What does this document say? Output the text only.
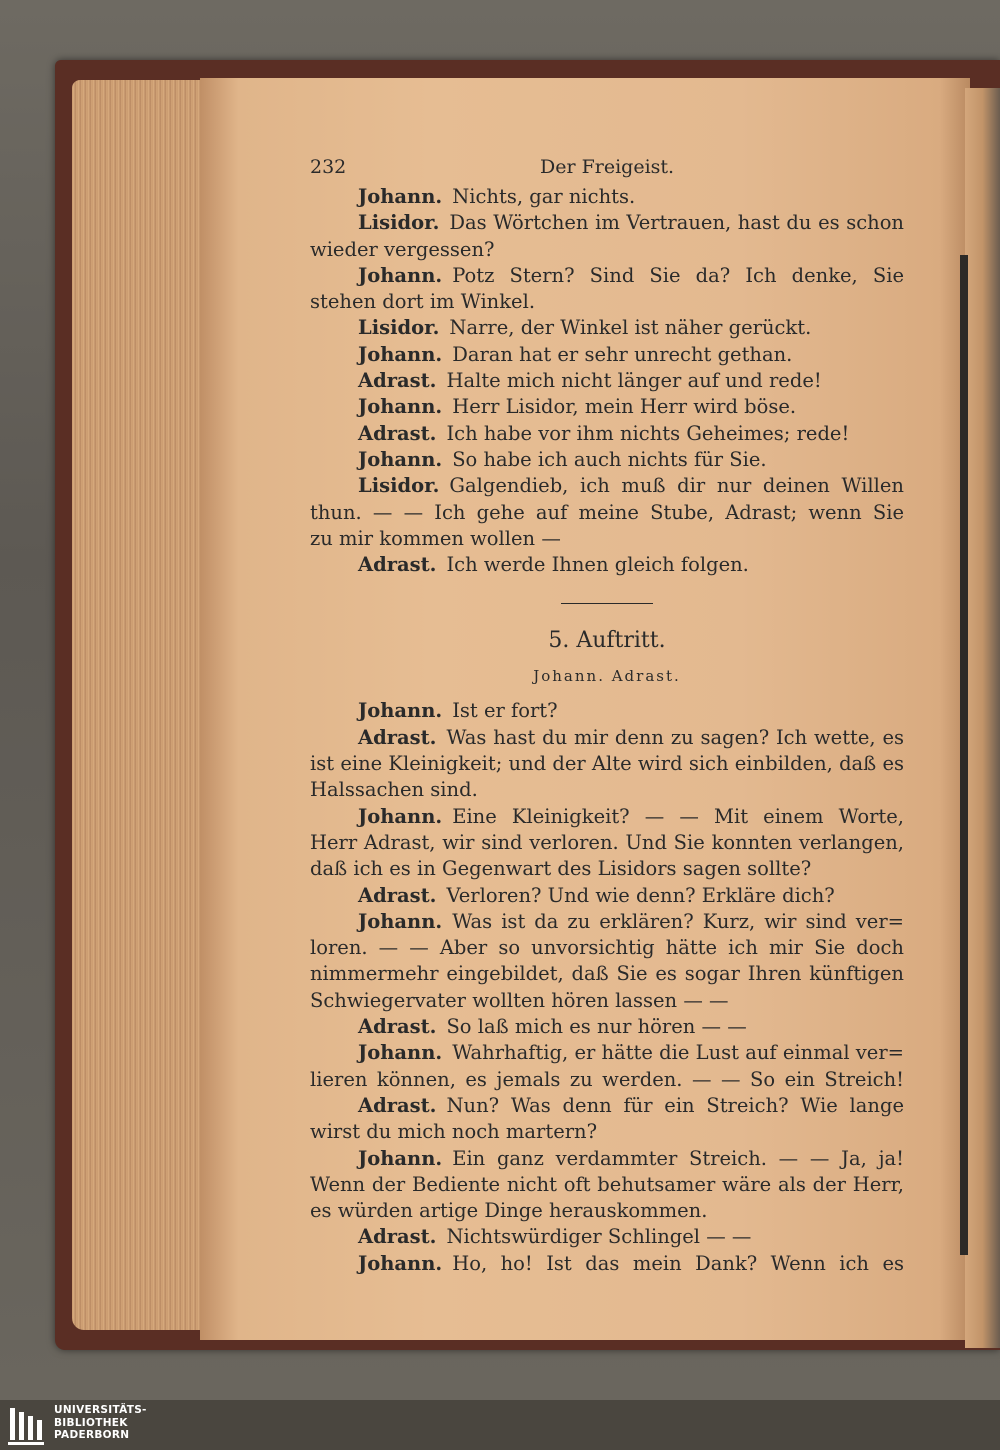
232	Der Freigeist.
Johann. Nichts, gar nichts.
Lisidor. Das Wörtchen im Vertrauen, hast du es schon
wieder vergessen?
Johann. Potz Stern? Sind Sie da? Ich denke, Sie
stehen dort im Winkel.
Lisidor. Narre, der Winkel ist näher gerückt.
Johann. Daran hat er sehr unrecht gethan.
Adrast. Halte mich nicht länger auf und rede!
Johann. Herr Lisidor, mein Herr wird böse.
Adrast. Ich habe vor ihm nichts Geheimes; rede!
Johann. So habe ich auch nichts für Sie.
Lisidor. Galgendieb, ich muß dir nur deinen Willen
thun. — — Ich gehe auf meine Stube, Adrast; wenn Sie
zu mir kommen wollen —
Adrast. Ich werde Ihnen gleich folgen.
5. Auftritt.
Johann. Adrast.
Johann. Ist er fort?
Adrast. Was hast du mir denn zu sagen? Ich wette, es
ist eine Kleinigkeit; und der Alte wird sich einbilden, daß es
Halssachen sind.
Johann. Eine Kleinigkeit? — — Mit einem Worte,
Herr Adrast, wir sind verloren. Und Sie konnten verlangen,
daß ich es in Gegenwart des Lisidors sagen sollte?
Adrast. Verloren? Und wie denn? Erkläre dich?
Johann. Was ist da zu erklären? Kurz, wir sind ver=
loren. — — Aber so unvorsichtig hätte ich mir Sie doch
nimmermehr eingebildet, daß Sie es sogar Ihren künftigen
Schwiegervater wollten hören lassen — —
Adrast. So laß mich es nur hören — —
Johann. Wahrhaftig, er hätte die Lust auf einmal ver=
lieren können, es jemals zu werden. — — So ein Streich!
Adrast. Nun? Was denn für ein Streich? Wie lange
wirst du mich noch martern?
Johann. Ein ganz verdammter Streich. — — Ja, ja!
Wenn der Bediente nicht oft behutsamer wäre als der Herr,
es würden artige Dinge herauskommen.
Adrast. Nichtswürdiger Schlingel — —
Johann. Ho, ho! Ist das mein Dank? Wenn ich es
UNIVERSITÄTS-
BIBLIOTHEK
PADERBORN
